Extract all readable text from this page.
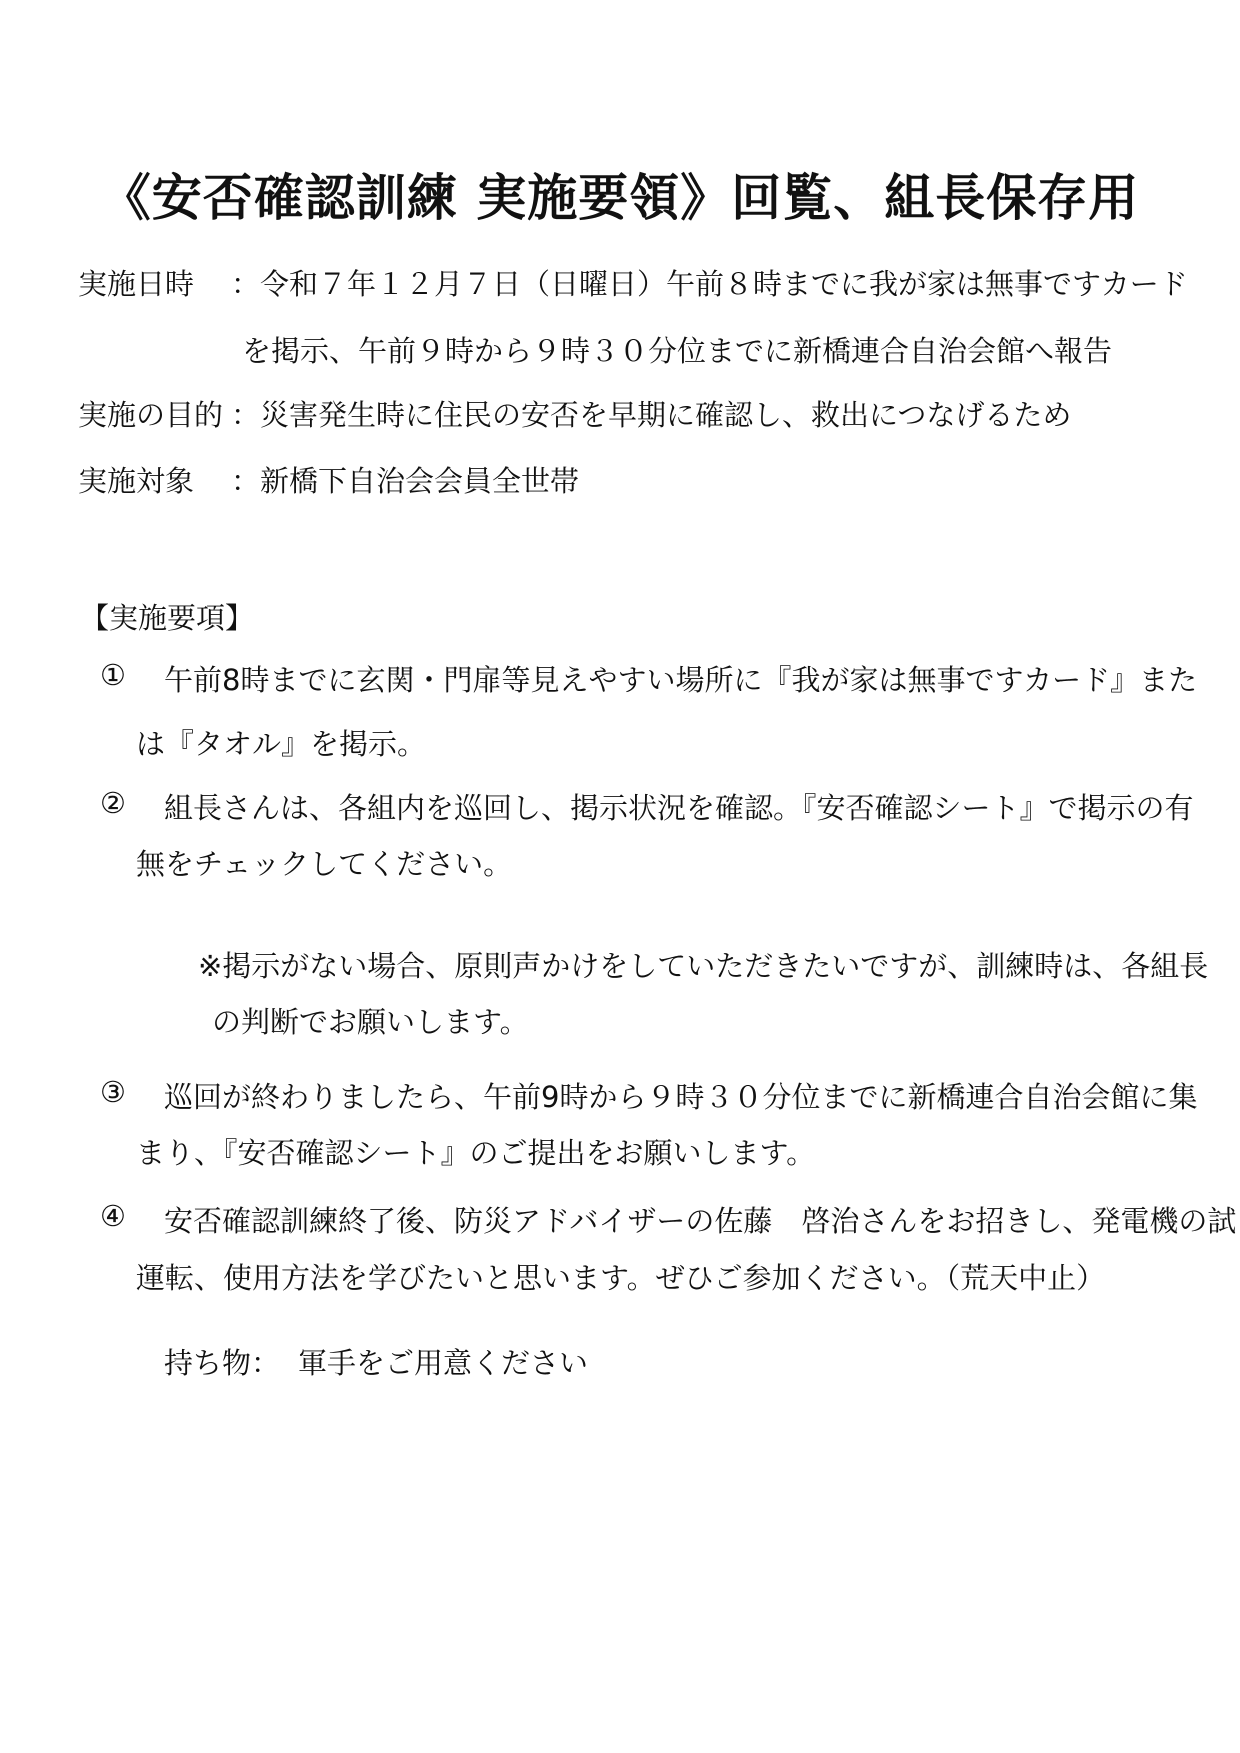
《安否確認訓練 実施要領》回覧、組長保存用
実施日時 ：令和７年１２月７日（日曜日）午前８時までに我が家は無事ですカード
を掲示、午前９時から９時３０分位までに新橋連合自治会館へ報告
実施の目的 ：災害発生時に住民の安否を早期に確認し、救出につなげるため
実施対象 ：新橋下自治会会員全世帯
【実施要項】
① 午前8時までに玄関・門扉等見えやすい場所に『我が家は無事ですカード』また
は『タオル』を掲示。
② 組長さんは、各組内を巡回し、掲示状況を確認。『安否確認シート』で掲示の有
無をチェックしてください。
※掲示がない場合、原則声かけをしていただきたいですが、訓練時は、各組長
の判断でお願いします。
③ 巡回が終わりましたら、午前9時から９時３０分位までに新橋連合自治会館に集
まり、『安否確認シート』のご提出をお願いします。
④ 安否確認訓練終了後、防災アドバイザーの佐藤　啓治さんをお招きし、発電機の試
運転、使用方法を学びたいと思います。ぜひご参加ください。（荒天中止）
持ち物： 軍手をご用意ください
